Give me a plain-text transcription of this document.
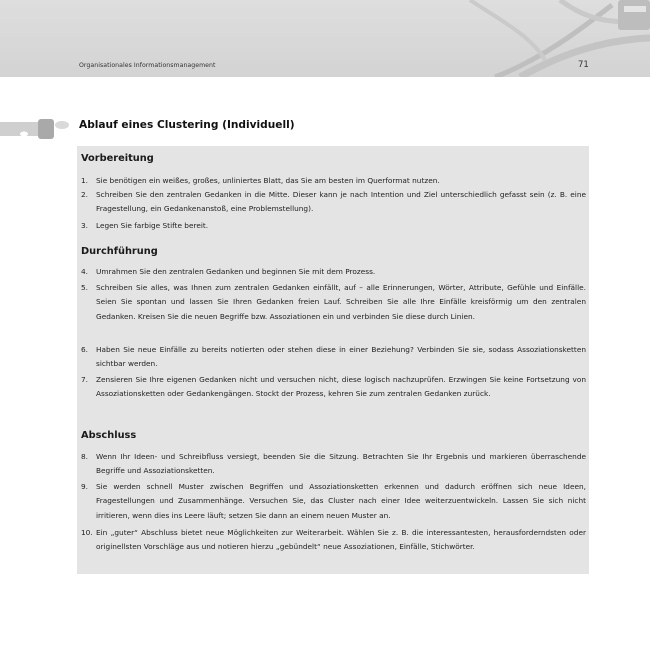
Organisationales Informationsmanagement	71
Ablauf eines Clustering (Individuell)
Vorbereitung
1.	Sie benötigen ein weißes, großes, unliniertes Blatt, das Sie am besten im Querformat nutzen.
2.	Schreiben Sie den zentralen Gedanken in die Mitte. Dieser kann je nach Intention und Ziel unterschiedlich gefasst sein (z. B. eine Fragestellung, ein Gedankenanstoß, eine Problemstellung).
3.	Legen Sie farbige Stifte bereit.
Durchführung
4.	Umrahmen Sie den zentralen Gedanken und beginnen Sie mit dem Prozess.
5.	Schreiben Sie alles, was Ihnen zum zentralen Gedanken einfällt, auf – alle Erinnerungen, Wörter, Attribute, Gefühle und Einfälle. Seien Sie spontan und lassen Sie Ihren Gedanken freien Lauf. Schreiben Sie alle Ihre Einfälle kreisförmig um den zentralen Gedanken. Kreisen Sie die neuen Begriffe bzw. Assoziationen ein und verbinden Sie diese durch Linien.
6.	Haben Sie neue Einfälle zu bereits notierten oder stehen diese in einer Beziehung? Verbinden Sie sie, sodass Assoziationsketten sichtbar werden.
7.	Zensieren Sie Ihre eigenen Gedanken nicht und versuchen nicht, diese logisch nachzuprüfen. Erzwingen Sie keine Fortsetzung von Assoziationsketten oder Gedankengängen. Stockt der Prozess, kehren Sie zum zentralen Gedanken zurück.
Abschluss
8.	Wenn Ihr Ideen- und Schreibfluss versiegt, beenden Sie die Sitzung. Betrachten Sie Ihr Ergebnis und markieren überraschende Begriffe und Assoziationsketten.
9.	Sie werden schnell Muster zwischen Begriffen und Assoziationsketten erkennen und dadurch eröffnen sich neue Ideen, Fragestellungen und Zusammenhänge. Versuchen Sie, das Cluster nach einer Idee weiterzuentwickeln. Lassen Sie sich nicht irritieren, wenn dies ins Leere läuft; setzen Sie dann an einem neuen Muster an.
10. Ein „guter“ Abschluss bietet neue Möglichkeiten zur Weiterarbeit. Wählen Sie z. B. die interessantesten, herausforderndsten oder originellsten Vorschläge aus und notieren hierzu „gebündelt“ neue Assoziationen, Einfälle, Stichwörter.
